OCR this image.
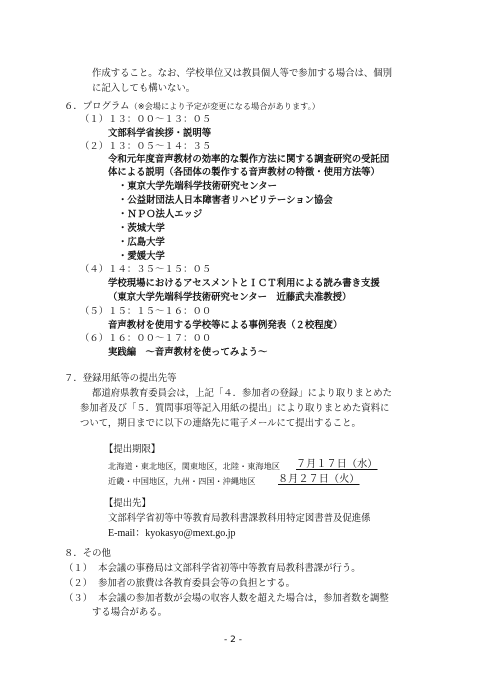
作成すること。なお、学校単位又は教員個人等で参加する場合は、個別
に記入しても構いない。
６．プログラム（※会場により予定が変更になる場合があります。）
（１）１３：００～１３：０５
文部科学省挨拶・説明等
（２）１３：０５～１４：３５
令和元年度音声教材の効率的な製作方法に関する調査研究の受託団
体による説明（各団体の製作する音声教材の特徴・使用方法等）
・東京大学先端科学技術研究センター
・公益財団法人日本障害者リハビリテーション協会
・ＮＰＯ法人エッジ
・茨城大学
・広島大学
・愛媛大学
（４）１４：３５～１５：０５
学校現場におけるアセスメントとＩＣＴ利用による読み書き支援
（東京大学先端科学技術研究センター　近藤武夫准教授）
（５）１５：１５～１６：００
音声教材を使用する学校等による事例発表（２校程度）
（６）１６：００～１７：００
実践編　～音声教材を使ってみよう～
７．登録用紙等の提出先等
都道府県教育委員会は，上記「４．参加者の登録」により取りまとめた
参加者及び「５．質問事項等記入用紙の提出」により取りまとめた資料に
ついて，期日までに以下の連絡先に電子メールにて提出すること。
【提出期限】
北海道・東北地区，関東地区，北陸・東海地区 ７月１７日（水）
近畿・中国地区，九州・四国・沖縄地区 ８月２７日（火）
【提出先】
文部科学省初等中等教育局教科書課教科用特定図書普及促進係
E-mail：kyokasyo@mext.go.jp
８．その他
（１） 本会議の事務局は文部科学省初等中等教育局教科書課が行う。
（２） 参加者の旅費は各教育委員会等の負担とする。
（３） 本会議の参加者数が会場の収容人数を超えた場合は，参加者数を調整
する場合がある。
- 2 -
